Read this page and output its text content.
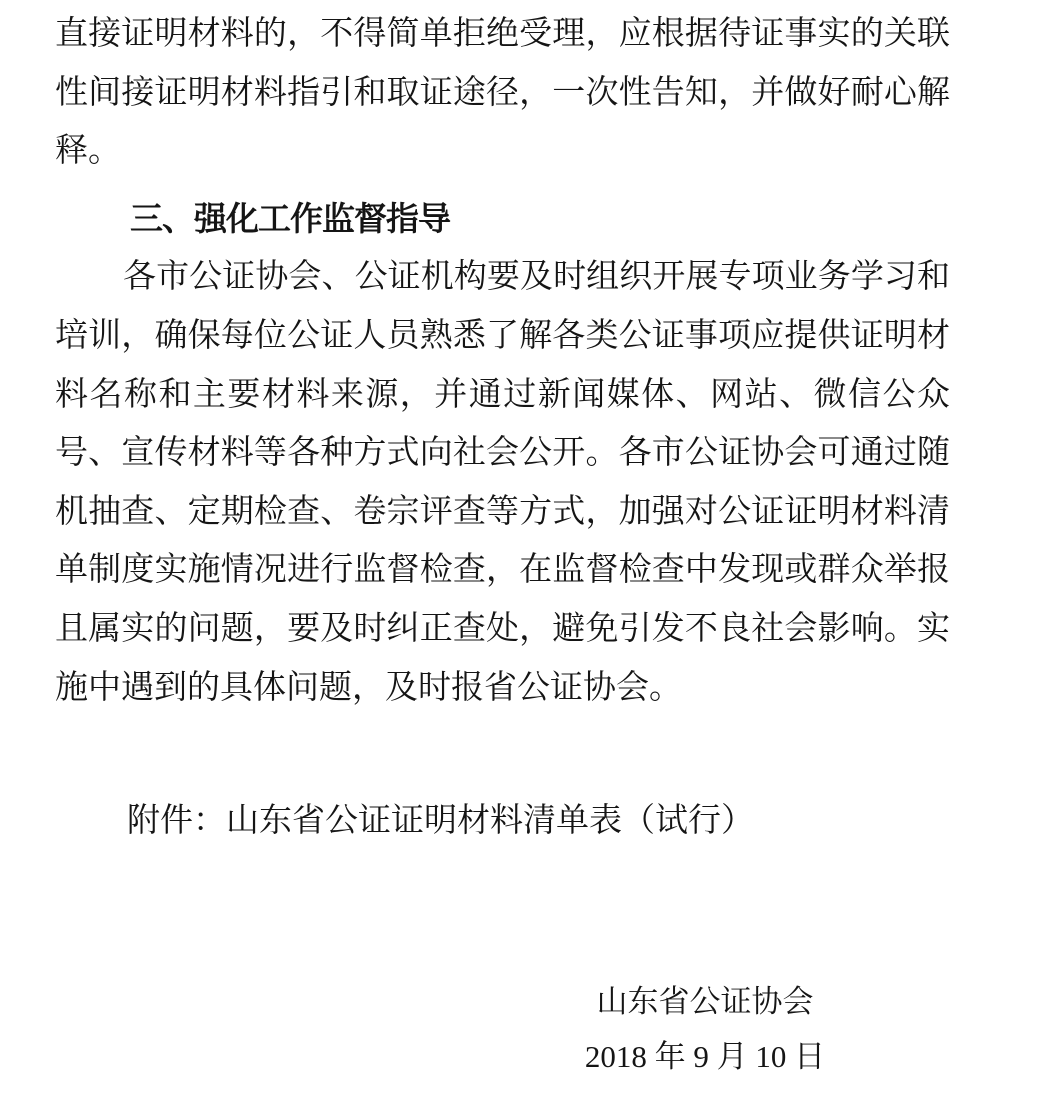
直接证明材料的，不得简单拒绝受理，应根据待证事实的关联
性间接证明材料指引和取证途径，一次性告知，并做好耐心解
释。
三、强化工作监督指导
各市公证协会、公证机构要及时组织开展专项业务学习和
培训，确保每位公证人员熟悉了解各类公证事项应提供证明材
料名称和主要材料来源，并通过新闻媒体、网站、微信公众
号、宣传材料等各种方式向社会公开。各市公证协会可通过随
机抽查、定期检查、卷宗评查等方式，加强对公证证明材料清
单制度实施情况进行监督检查，在监督检查中发现或群众举报
且属实的问题，要及时纠正查处，避免引发不良社会影响。实
施中遇到的具体问题，及时报省公证协会。
附件：山东省公证证明材料清单表（试行）
山东省公证协会
2018 年 9 月 10 日
